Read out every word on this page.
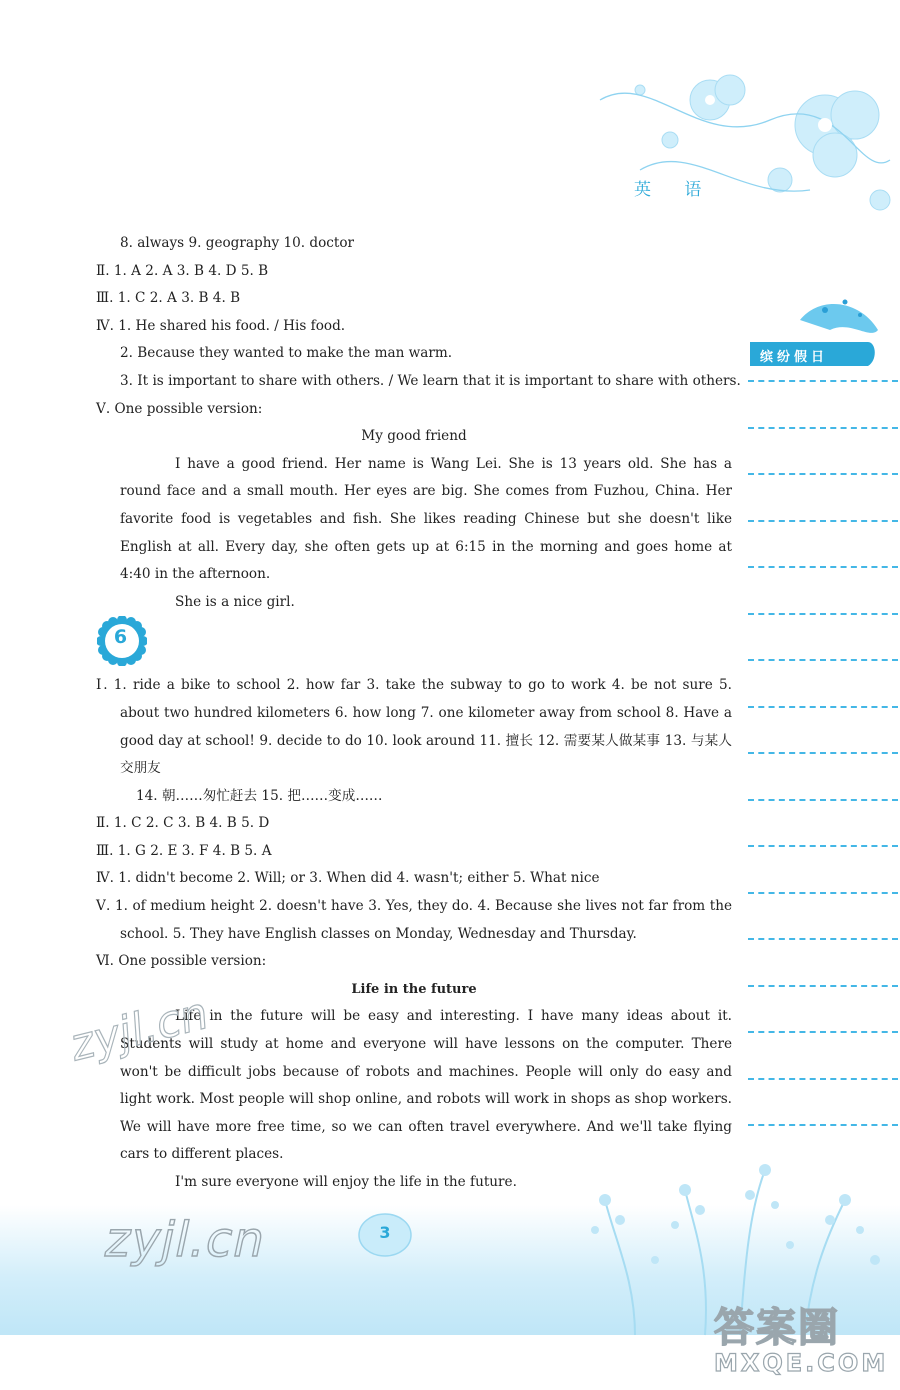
英 语
缤纷假日
8. always 9. geography 10. doctor
Ⅱ. 1. A 2. A 3. B 4. D 5. B
Ⅲ. 1. C 2. A 3. B 4. B
Ⅳ. 1. He shared his food. / His food.
2. Because they wanted to make the man warm.
3. It is important to share with others. / We learn that it is important to share with others.
Ⅴ. One possible version:
My good friend
I have a good friend. Her name is Wang Lei. She is 13 years old. She has a round face and a small mouth. Her eyes are big. She comes from Fuzhou, China. Her favorite food is vegetables and fish. She likes reading Chinese but she doesn't like English at all. Every day, she often gets up at 6:15 in the morning and goes home at 4:40 in the afternoon.
She is a nice girl.
6
Ⅰ. 1. ride a bike to school 2. how far 3. take the subway to go to work 4. be not sure 5. about two hundred kilometers 6. how long 7. one kilometer away from school 8. Have a good day at school! 9. decide to do 10. look around 11. 擅长 12. 需要某人做某事 13. 与某人交朋友
14. 朝……匆忙赶去 15. 把……变成……
Ⅱ. 1. C 2. C 3. B 4. B 5. D
Ⅲ. 1. G 2. E 3. F 4. B 5. A
Ⅳ. 1. didn't become 2. Will; or 3. When did 4. wasn't; either 5. What nice
Ⅴ. 1. of medium height 2. doesn't have 3. Yes, they do. 4. Because she lives not far from the school. 5. They have English classes on Monday, Wednesday and Thursday.
Ⅵ. One possible version:
Life in the future
Life in the future will be easy and interesting. I have many ideas about it. Students will study at home and everyone will have lessons on the computer. There won't be difficult jobs because of robots and machines. People will only do easy and light work. Most people will shop online, and robots will work in shops as shop workers. We will have more free time, so we can often travel everywhere. And we'll take flying cars to different places.
I'm sure everyone will enjoy the life in the future.
zyjl.cn
3
zyjl.cn
答案圈
MXQE.COM
